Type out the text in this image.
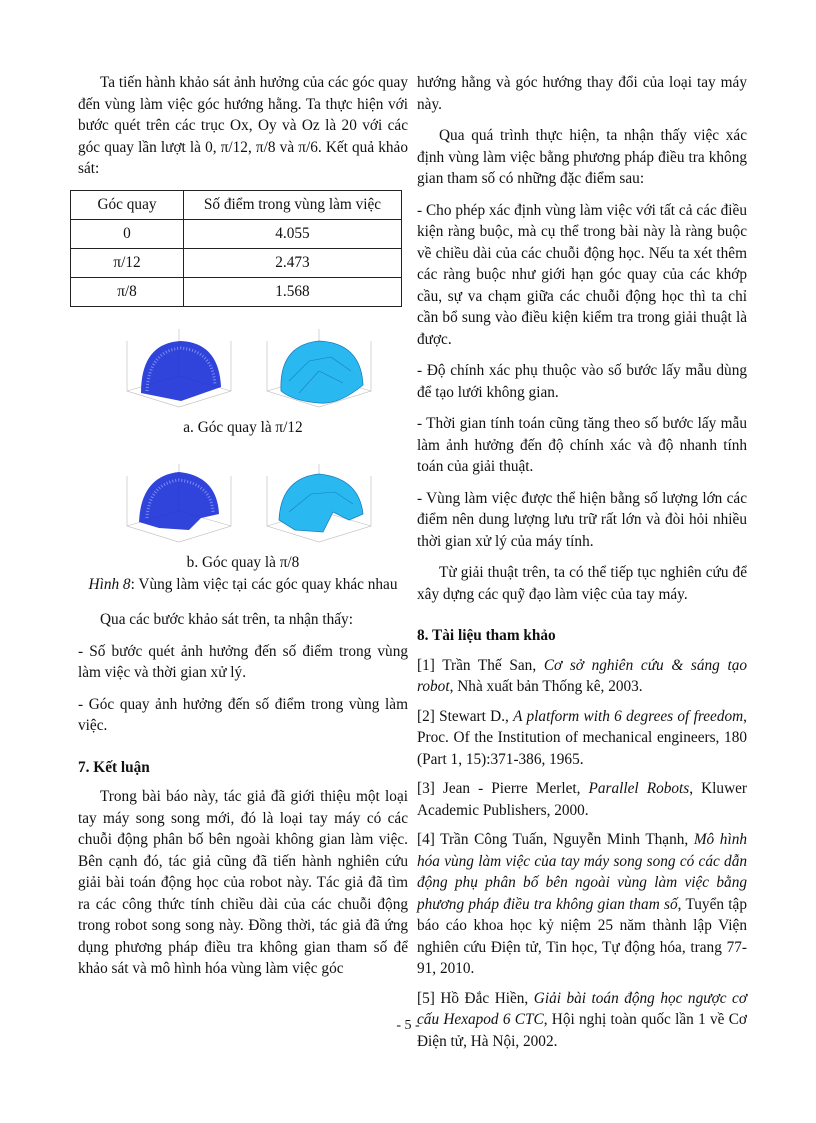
Ta tiến hành khảo sát ảnh hưởng của các góc quay đến vùng làm việc góc hướng hằng. Ta thực hiện với bước quét trên các trục Ox, Oy và Oz là 20 với các góc quay lần lượt là 0, π/12, π/8 và π/6. Kết quả khảo sát:

Góc quay	Số điểm trong vùng làm việc
0	4.055
π/12	2.473
π/8	1.568

a. Góc quay là π/12

b. Góc quay là π/8

Hình 8: Vùng làm việc tại các góc quay khác nhau

Qua các bước khảo sát trên, ta nhận thấy:

- Số bước quét ảnh hưởng đến số điểm trong vùng làm việc và thời gian xử lý.

- Góc quay ảnh hưởng đến số điểm trong vùng làm việc.

7. Kết luận

Trong bài báo này, tác giả đã giới thiệu một loại tay máy song song mới, đó là loại tay máy có các chuỗi động phân bố bên ngoài không gian làm việc. Bên cạnh đó, tác giả cũng đã tiến hành nghiên cứu giải bài toán động học của robot này. Tác giả đã tìm ra các công thức tính chiều dài của các chuỗi động trong robot song song này. Đồng thời, tác giả đã ứng dụng phương pháp điều tra không gian tham số để khảo sát và mô hình hóa vùng làm việc góc

hướng hằng và góc hướng thay đổi của loại tay máy này.

Qua quá trình thực hiện, ta nhận thấy việc xác định vùng làm việc bằng phương pháp điều tra không gian tham số có những đặc điểm sau:

- Cho phép xác định vùng làm việc với tất cả các điều kiện ràng buộc, mà cụ thể trong bài này là ràng buộc về chiều dài của các chuỗi động học. Nếu ta xét thêm các ràng buộc như giới hạn góc quay của các khớp cầu, sự va chạm giữa các chuỗi động học thì ta chỉ cần bổ sung vào điều kiện kiểm tra trong giải thuật là được.

- Độ chính xác phụ thuộc vào số bước lấy mẫu dùng để tạo lưới không gian.

- Thời gian tính toán cũng tăng theo số bước lấy mẫu làm ảnh hưởng đến độ chính xác và độ nhanh tính toán của giải thuật.

- Vùng làm việc được thể hiện bằng số lượng lớn các điểm nên dung lượng lưu trữ rất lớn và đòi hỏi nhiều thời gian xử lý của máy tính.

Từ giải thuật trên, ta có thể tiếp tục nghiên cứu để xây dựng các quỹ đạo làm việc của tay máy.

8. Tài liệu tham khảo

[1] Trần Thế San, Cơ sở nghiên cứu & sáng tạo robot, Nhà xuất bản Thống kê, 2003.

[2] Stewart D., A platform with 6 degrees of freedom, Proc. Of the Institution of mechanical engineers, 180 (Part 1, 15):371-386, 1965.

[3] Jean - Pierre Merlet, Parallel Robots, Kluwer Academic Publishers, 2000.

[4] Trần Công Tuấn, Nguyễn Minh Thạnh, Mô hình hóa vùng làm việc của tay máy song song có các dẫn động phụ phân bố bên ngoài vùng làm việc bằng phương pháp điều tra không gian tham số, Tuyển tập báo cáo khoa học kỷ niệm 25 năm thành lập Viện nghiên cứu Điện tử, Tin học, Tự động hóa, trang 77-91, 2010.

[5] Hồ Đắc Hiền, Giải bài toán động học ngược cơ cấu Hexapod 6 CTC, Hội nghị toàn quốc lần 1 về Cơ Điện tử, Hà Nội, 2002.

- 5 -
